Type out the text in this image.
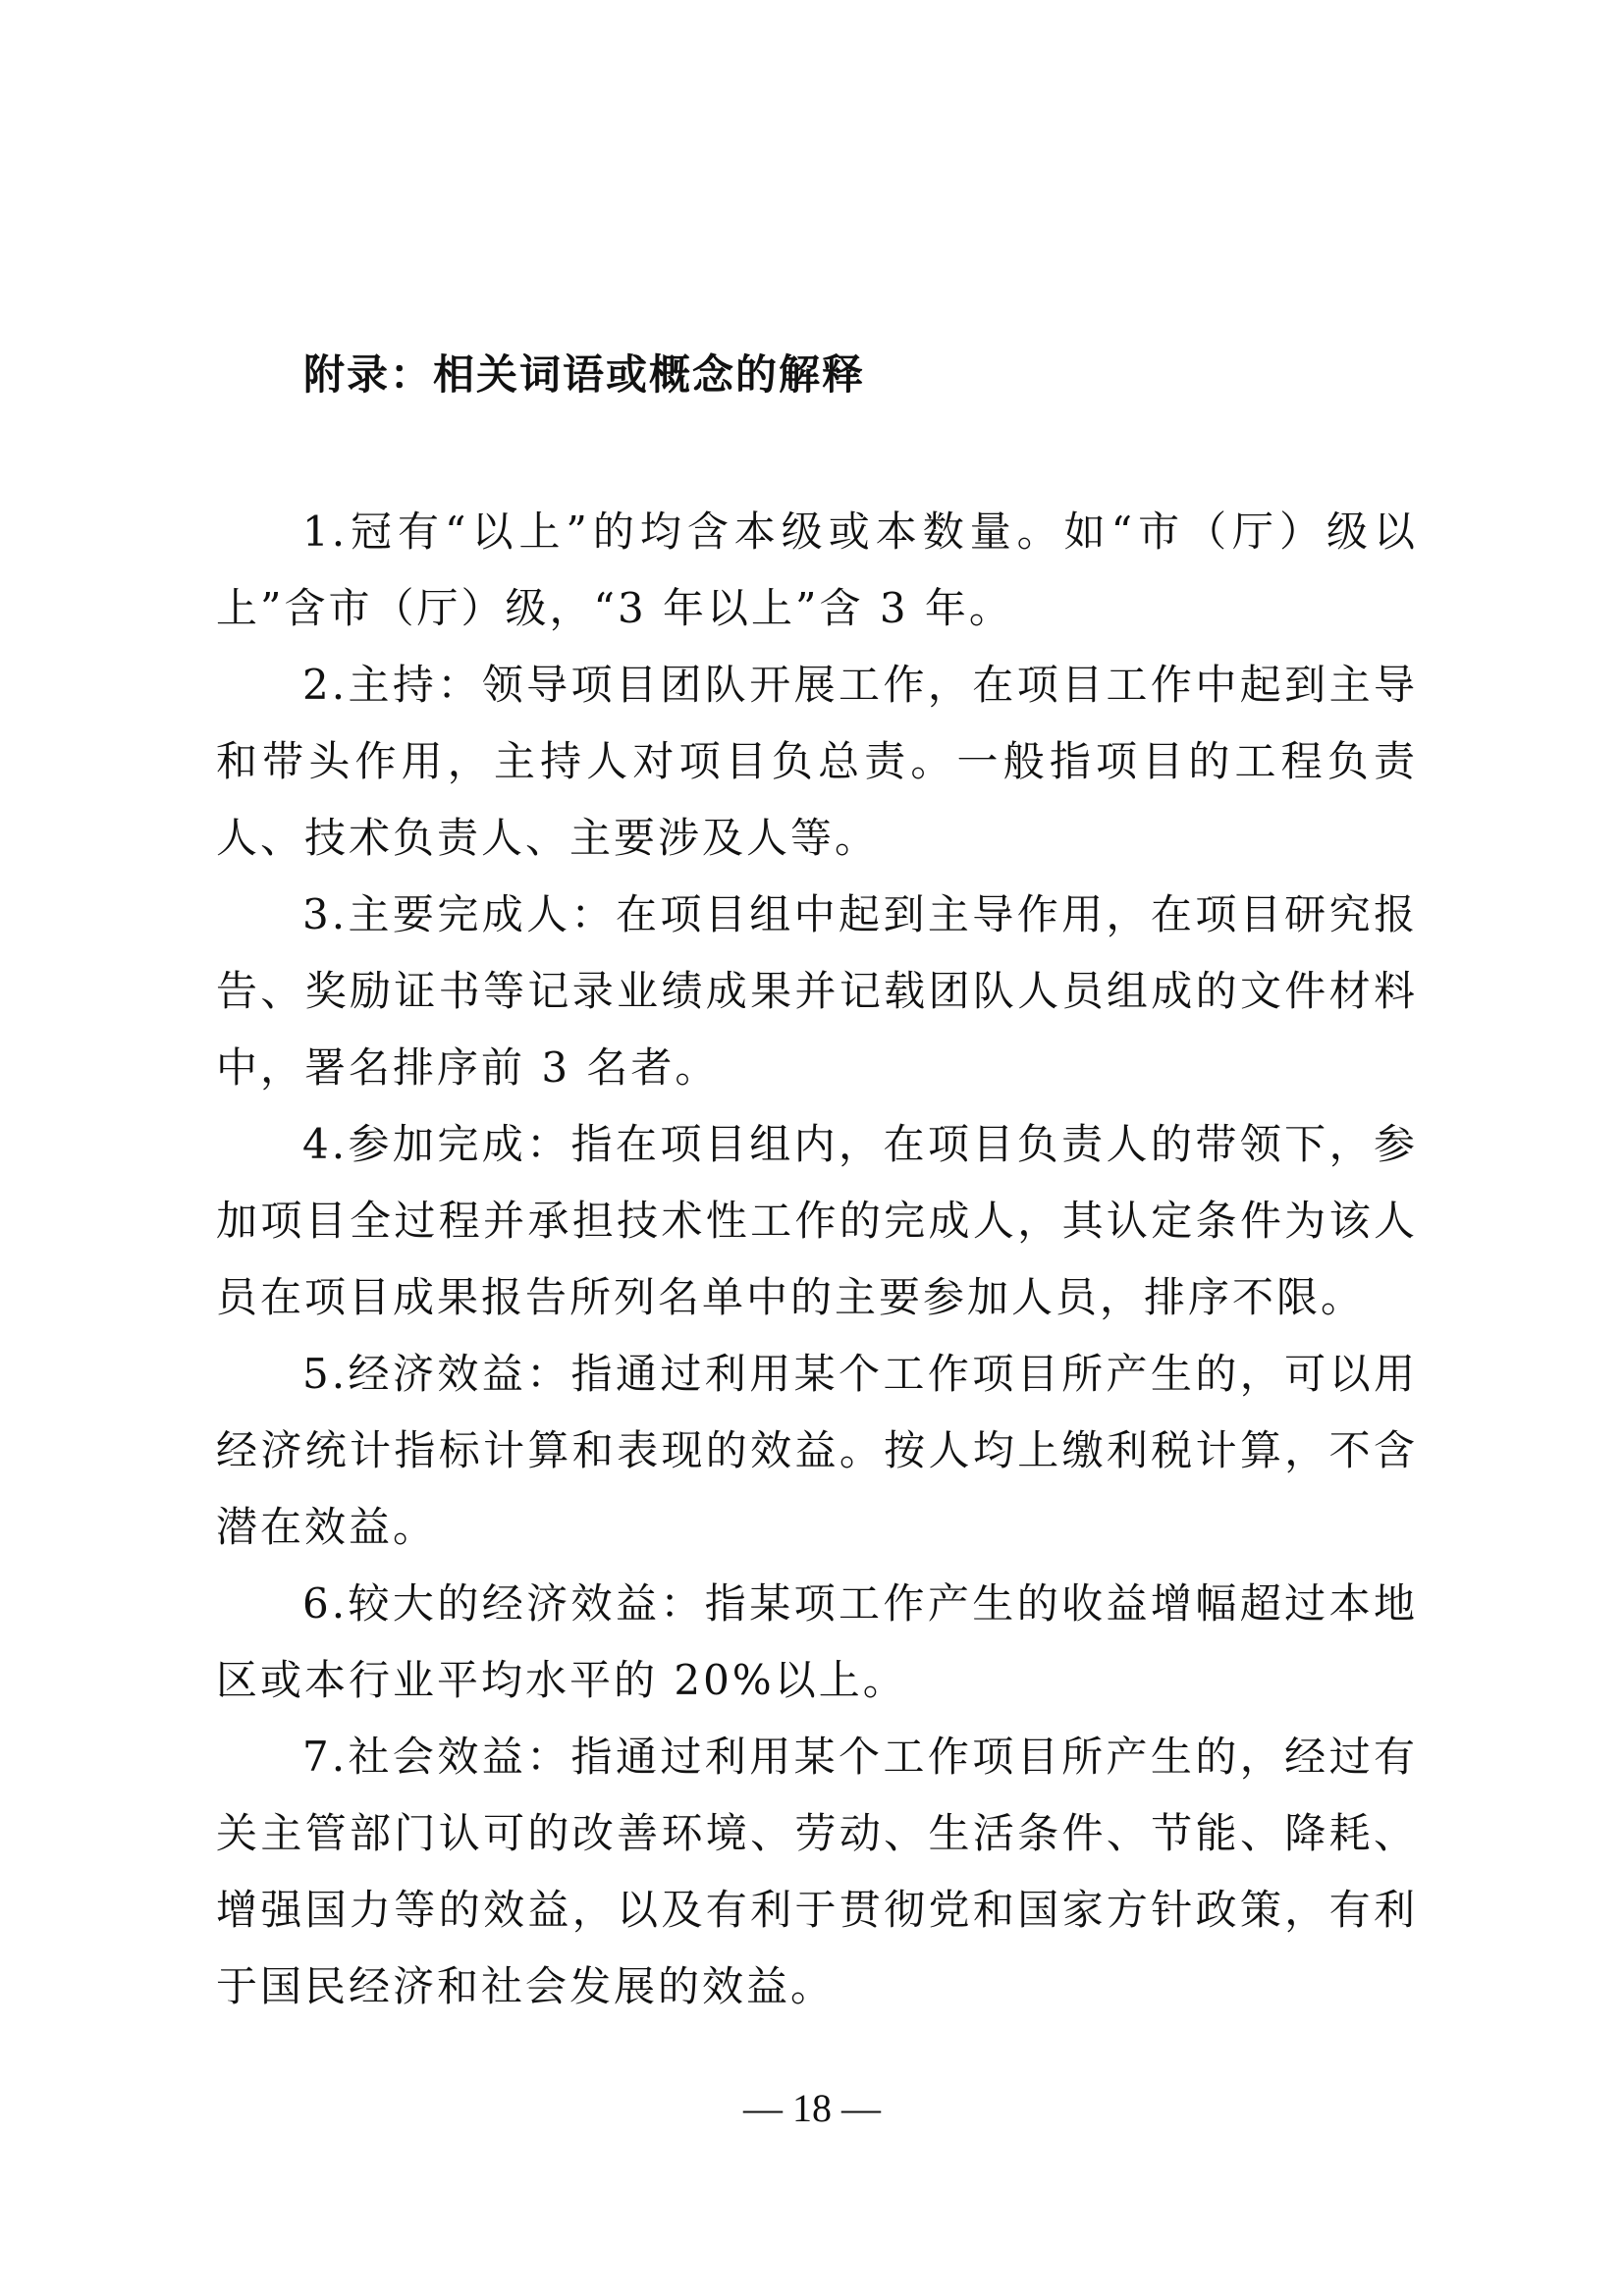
附录：相关词语或概念的解释

1.冠有“以上”的均含本级或本数量。如“市（厅）级以上”含市（厅）级，“3 年以上”含 3 年。

2.主持：领导项目团队开展工作，在项目工作中起到主导和带头作用，主持人对项目负总责。一般指项目的工程负责人、技术负责人、主要涉及人等。

3.主要完成人：在项目组中起到主导作用，在项目研究报告、奖励证书等记录业绩成果并记载团队人员组成的文件材料中，署名排序前 3 名者。

4.参加完成：指在项目组内，在项目负责人的带领下，参加项目全过程并承担技术性工作的完成人，其认定条件为该人员在项目成果报告所列名单中的主要参加人员，排序不限。

5.经济效益：指通过利用某个工作项目所产生的，可以用经济统计指标计算和表现的效益。按人均上缴利税计算，不含潜在效益。

6.较大的经济效益：指某项工作产生的收益增幅超过本地区或本行业平均水平的 20%以上。

7.社会效益：指通过利用某个工作项目所产生的，经过有关主管部门认可的改善环境、劳动、生活条件、节能、降耗、增强国力等的效益，以及有利于贯彻党和国家方针政策，有利于国民经济和社会发展的效益。

— 18 —
